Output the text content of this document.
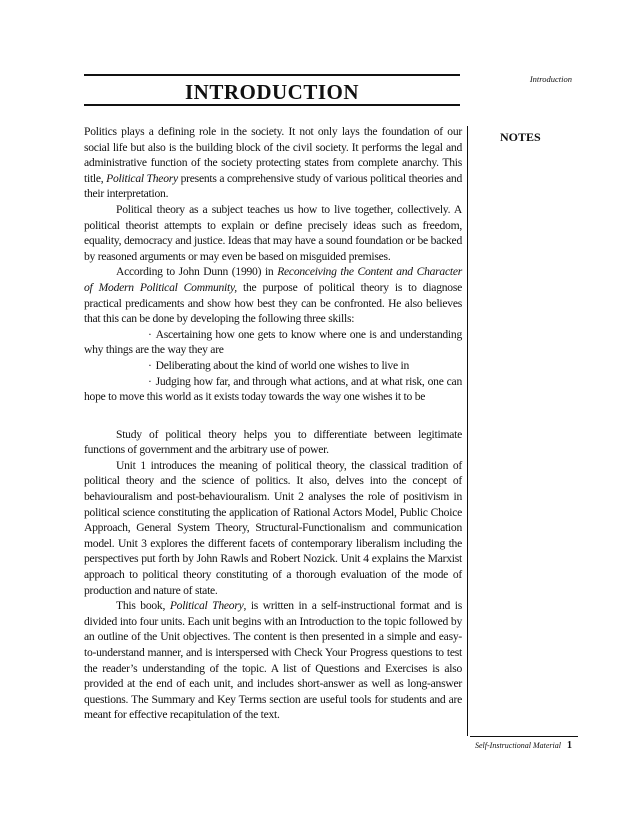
Introduction
INTRODUCTION
NOTES

Politics plays a defining role in the society. It not only lays the foundation of our social life but also is the building block of the civil society. It performs the legal and administrative function of the society protecting states from complete anarchy. This title, Political Theory presents a comprehensive study of various political theories and their interpretation.

Political theory as a subject teaches us how to live together, collectively. A political theorist attempts to explain or define precisely ideas such as freedom, equality, democracy and justice. Ideas that may have a sound foundation or be backed by reasoned arguments or may even be based on misguided premises.

According to John Dunn (1990) in Reconceiving the Content and Character of Modern Political Community, the purpose of political theory is to diagnose practical predicaments and show how best they can be confronted. He also believes that this can be done by developing the following three skills:

· Ascertaining how one gets to know where one is and understanding why things are the way they are

· Deliberating about the kind of world one wishes to live in

· Judging how far, and through what actions, and at what risk, one can hope to move this world as it exists today towards the way one wishes it to be

Study of political theory helps you to differentiate between legitimate functions of government and the arbitrary use of power.

Unit 1 introduces the meaning of political theory, the classical tradition of political theory and the science of politics. It also, delves into the concept of behaviouralism and post-behaviouralism. Unit 2 analyses the role of positivism in political science constituting the application of Rational Actors Model, Public Choice Approach, General System Theory, Structural-Functionalism and communication model. Unit 3 explores the different facets of contemporary liberalism including the perspectives put forth by John Rawls and Robert Nozick. Unit 4 explains the Marxist approach to political theory constituting of a thorough evaluation of the mode of production and nature of state.

This book, Political Theory, is written in a self-instructional format and is divided into four units. Each unit begins with an Introduction to the topic followed by an outline of the Unit objectives. The content is then presented in a simple and easy-to-understand manner, and is interspersed with Check Your Progress questions to test the reader’s understanding of the topic. A list of Questions and Exercises is also provided at the end of each unit, and includes short-answer as well as long-answer questions. The Summary and Key Terms section are useful tools for students and are meant for effective recapitulation of the text.

Self-Instructional Material 1
